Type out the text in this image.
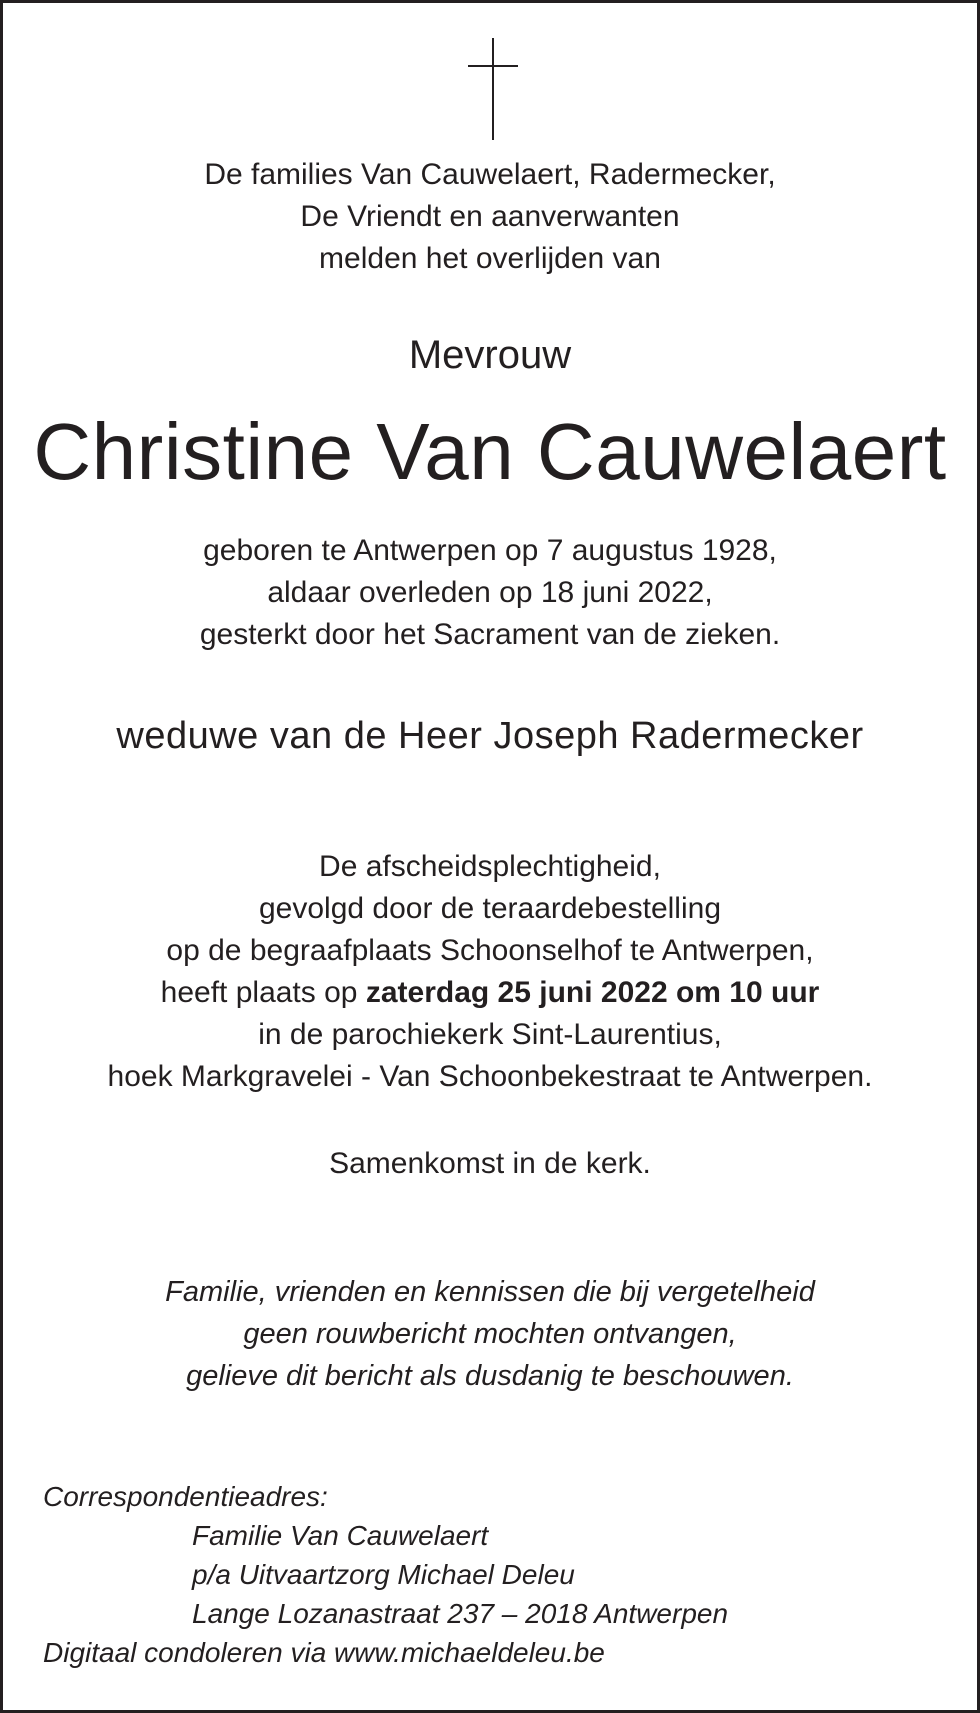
De families Van Cauwelaert, Radermecker,
De Vriendt en aanverwanten
melden het overlijden van
Mevrouw
Christine Van Cauwelaert
geboren te Antwerpen op 7 augustus 1928,
aldaar overleden op 18 juni 2022,
gesterkt door het Sacrament van de zieken.
weduwe van de Heer Joseph Radermecker
De afscheidsplechtigheid,
gevolgd door de teraardebestelling
op de begraafplaats Schoonselhof te Antwerpen,
heeft plaats op zaterdag 25 juni 2022 om 10 uur
in de parochiekerk Sint-Laurentius,
hoek Markgravelei - Van Schoonbekestraat te Antwerpen.
Samenkomst in de kerk.
Familie, vrienden en kennissen die bij vergetelheid
geen rouwbericht mochten ontvangen,
gelieve dit bericht als dusdanig te beschouwen.
Correspondentieadres:
Familie Van Cauwelaert
p/a Uitvaartzorg Michael Deleu
Lange Lozanastraat 237 – 2018 Antwerpen
Digitaal condoleren via www.michaeldeleu.be
